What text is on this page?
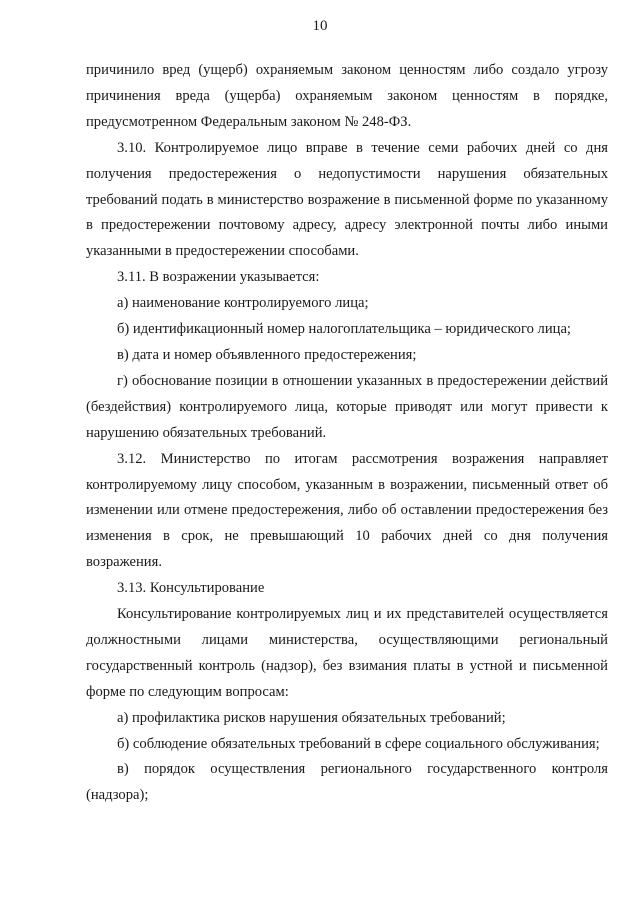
10

причинило вред (ущерб) охраняемым законом ценностям либо создало угрозу причинения вреда (ущерба) охраняемым законом ценностям в порядке, предусмотренном Федеральным законом № 248-ФЗ.

3.10. Контролируемое лицо вправе в течение семи рабочих дней со дня получения предостережения о недопустимости нарушения обязательных требований подать в министерство возражение в письменной форме по указанному в предостережении почтовому адресу, адресу электронной почты либо иными указанными в предостережении способами.

3.11. В возражении указывается:

а) наименование контролируемого лица;

б) идентификационный номер налогоплательщика – юридического лица;

в) дата и номер объявленного предостережения;

г) обоснование позиции в отношении указанных в предостережении действий (бездействия) контролируемого лица, которые приводят или могут привести к нарушению обязательных требований.

3.12. Министерство по итогам рассмотрения возражения направляет контролируемому лицу способом, указанным в возражении, письменный ответ об изменении или отмене предостережения, либо об оставлении предостережения без изменения в срок, не превышающий 10 рабочих дней со дня получения возражения.

3.13. Консультирование

Консультирование контролируемых лиц и их представителей осуществляется должностными лицами министерства, осуществляющими региональный государственный контроль (надзор), без взимания платы в устной и письменной форме по следующим вопросам:

а) профилактика рисков нарушения обязательных требований;

б) соблюдение обязательных требований в сфере социального обслуживания;

в) порядок осуществления регионального государственного контроля (надзора);
